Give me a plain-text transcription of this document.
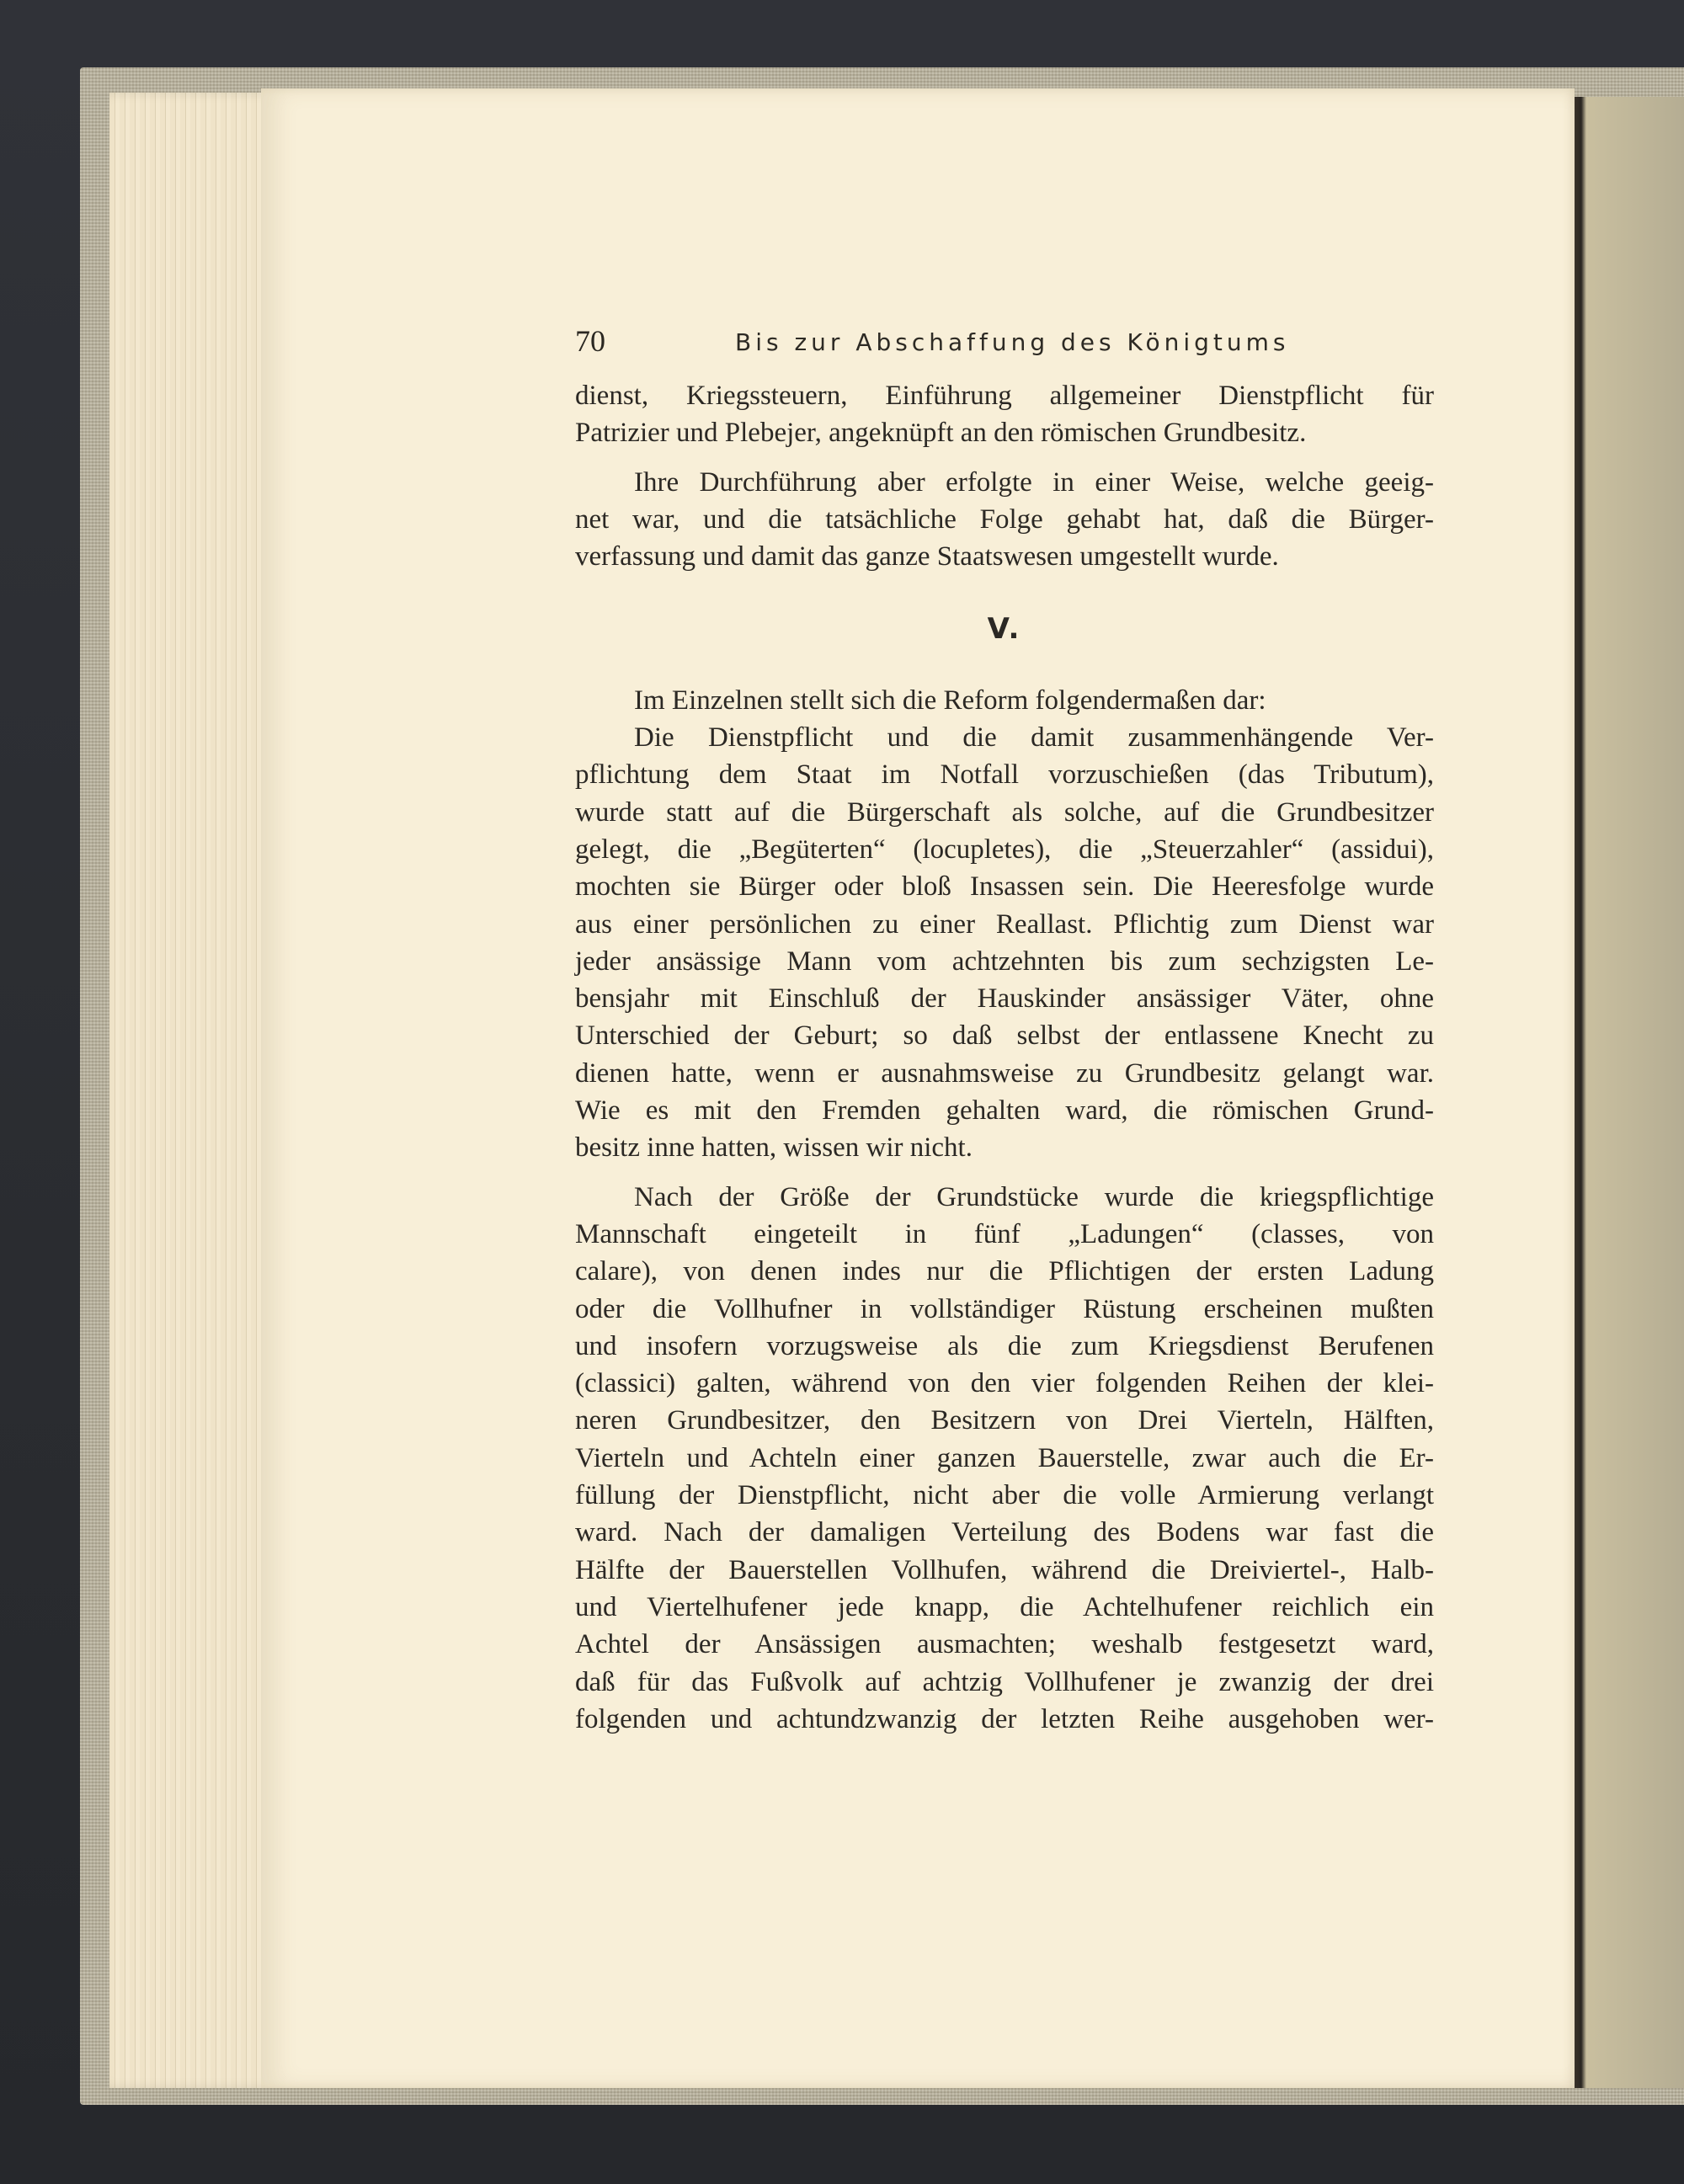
70	Bis zur Abschaffung des Königtums

dienst, Kriegssteuern, Einführung allgemeiner Dienstpflicht für
Patrizier und Plebejer, angeknüpft an den römischen Grundbesitz.

Ihre Durchführung aber erfolgte in einer Weise, welche geeig-
net war, und die tatsächliche Folge gehabt hat, daß die Bürger-
verfassung und damit das ganze Staatswesen umgestellt wurde.

V.

Im Einzelnen stellt sich die Reform folgendermaßen dar:

Die Dienstpflicht und die damit zusammenhängende Ver-
pflichtung dem Staat im Notfall vorzuschießen (das Tributum),
wurde statt auf die Bürgerschaft als solche, auf die Grundbesitzer
gelegt, die „Begüterten“ (locupletes), die „Steuerzahler“ (assidui),
mochten sie Bürger oder bloß Insassen sein. Die Heeresfolge wurde
aus einer persönlichen zu einer Reallast. Pflichtig zum Dienst war
jeder ansässige Mann vom achtzehnten bis zum sechzigsten Le-
bensjahr mit Einschluß der Hauskinder ansässiger Väter, ohne
Unterschied der Geburt; so daß selbst der entlassene Knecht zu
dienen hatte, wenn er ausnahmsweise zu Grundbesitz gelangt war.
Wie es mit den Fremden gehalten ward, die römischen Grund-
besitz inne hatten, wissen wir nicht.

Nach der Größe der Grundstücke wurde die kriegspflichtige
Mannschaft eingeteilt in fünf „Ladungen“ (classes, von
calare), von denen indes nur die Pflichtigen der ersten Ladung
oder die Vollhufner in vollständiger Rüstung erscheinen mußten
und insofern vorzugsweise als die zum Kriegsdienst Berufenen
(classici) galten, während von den vier folgenden Reihen der klei-
neren Grundbesitzer, den Besitzern von Drei Vierteln, Hälften,
Vierteln und Achteln einer ganzen Bauerstelle, zwar auch die Er-
füllung der Dienstpflicht, nicht aber die volle Armierung verlangt
ward. Nach der damaligen Verteilung des Bodens war fast die
Hälfte der Bauerstellen Vollhufen, während die Dreiviertel-, Halb-
und Viertelhufener jede knapp, die Achtelhufener reichlich ein
Achtel der Ansässigen ausmachten; weshalb festgesetzt ward,
daß für das Fußvolk auf achtzig Vollhufener je zwanzig der drei
folgenden und achtundzwanzig der letzten Reihe ausgehoben wer-
